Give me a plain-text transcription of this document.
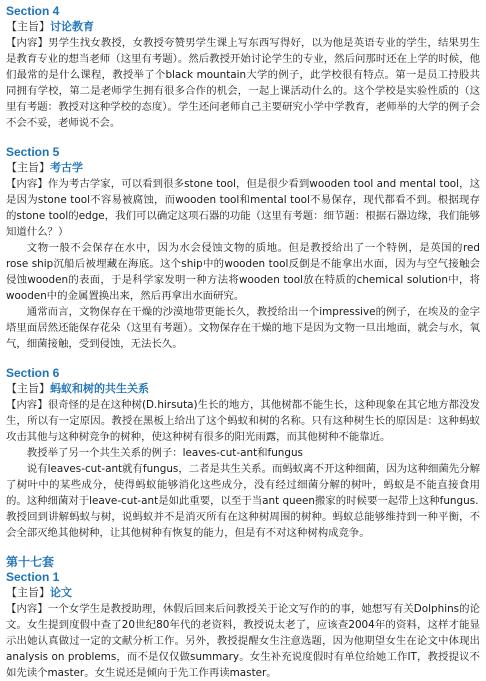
Section 4

【主旨】讨论教育

【内容】男学生找女教授，女教授夸赞男学生课上写东西写得好，以为他是英语专业的学生，结果男生是教育专业的想当老师（这里有考题）。然后教授开始讨论学生的专业，然后问那时还在上学的时候，他们最常的是什么课程，教授举了个black mountain大学的例子，此学校很有特点。第一是员工持股共同拥有学校，第二是老师学生拥有很多合作的机会，一起上课活动什么的。这个学校是实验性质的（这里有考题：教授对这种学校的态度）。学生还问老师自己主要研究小学中学教育，老师举的大学的例子会不会不妥，老师说不会。

Section 5

【主旨】考古学

【内容】作为考古学家，可以看到很多stone tool，但是很少看到wooden tool and mental tool，这是因为stone tool不容易被腐蚀，而wooden tool和mental tool不易保存，现代都看不到。根据现存的stone tool的edge，我们可以确定这项石器的功能（这里有考题：细节题：根据石器边缘，我们能够知道什么？）

文物一般不会保存在水中，因为水会侵蚀文物的质地。但是教授给出了一个特例，是英国的red rose ship沉船后被埋藏在海底。这个ship中的wooden tool反倒是不能拿出水面，因为与空气接触会侵蚀wooden的表面，于是科学家发明一种方法将wooden tool放在特质的chemical solution中，将wooden中的金属置换出来，然后再拿出水面研究。

通常而言，文物保存在干燥的沙漠地带更能长久，教授给出一个impressive的例子，在埃及的金字塔里面居然还能保存花朵（这里有考题）。文物保存在干燥的地下是因为文物一旦出地面，就会与水，氧气，细菌接触，受到侵蚀，无法长久。

Section 6

【主旨】蚂蚁和树的共生关系

【内容】很奇怪的是在这种树(D.hirsuta)生长的地方，其他树都不能生长，这种现象在其它地方都没发生，所以有一定原因。教授在黑板上给出了这个蚂蚁和树的名称。只有这种树生长的原因是：这种蚂蚁攻击其他与这种树竞争的树种，使这种树有很多的阳光雨露，而其他树种不能靠近。

教授举了另一个共生关系的例子：leaves-cut-ant和fungus

说有leaves-cut-ant就有fungus，二者是共生关系。而蚂蚁离不开这种细菌，因为这种细菌先分解了树叶中的某些成分，使得蚂蚁能够消化这些成分，没有经过细菌分解的树叶，蚂蚁是不能直接食用的。这种细菌对于leave-cut-ant是如此重要，以至于当ant queen搬家的时候要一起带上这种fungus.

教授回到讲解蚂蚁与树，说蚂蚁并不是消灭所有在这种树周围的树种。蚂蚁总能够维持到一种平衡，不会全部灭绝其他树种，让其他树种有恢复的能力，但是有不对这种树构成竞争。

第十七套

Section 1

【主旨】论文

【内容】一个女学生是教授助理，休假后回来后问教授关于论文写作的的事，她想写有关Dolphins的论文。女生提到度假中查了20世纪80年代的老资料，教授说太老了，应该查2004年的资料，这样才能显示出她认真做过一定的文献分析工作。另外，教授提醒女生注意选题，因为他期望女生在论文中体现出analysis on problems，而不是仅仅做summary。女生补充说度假时有单位给她工作IT，教授提议不如先读个master。女生说还是倾向于先工作再读master。
